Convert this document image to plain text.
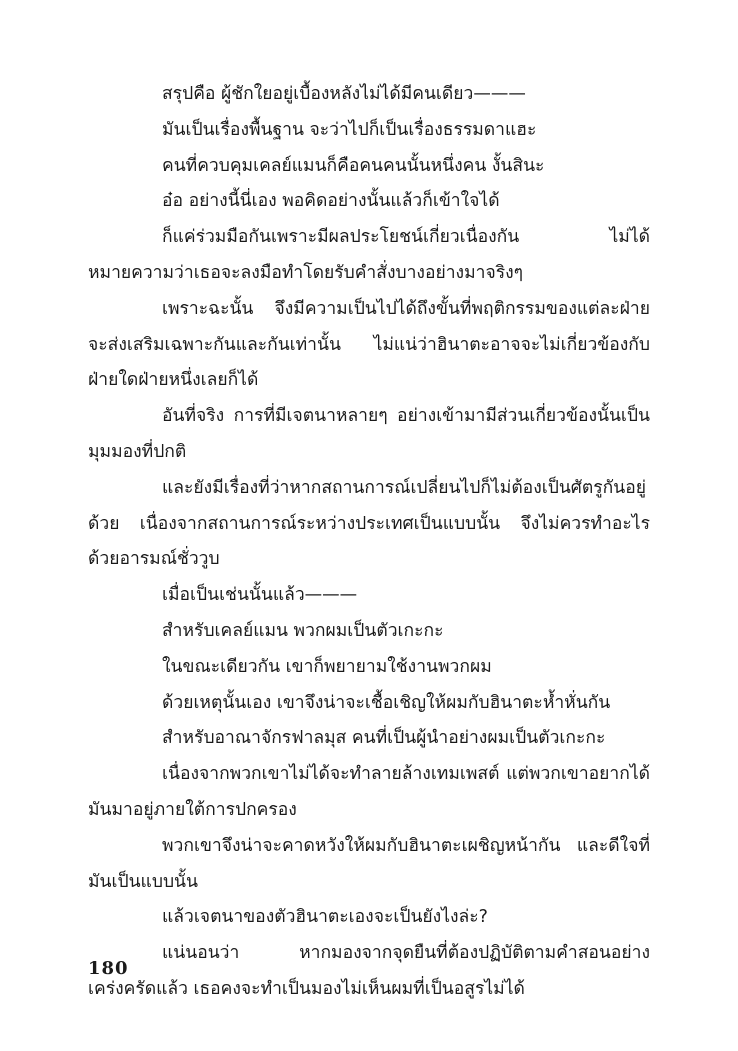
สรุปคือ ผู้ชักใยอยู่เบื้องหลังไม่ได้มีคนเดียว———

มันเป็นเรื่องพื้นฐาน จะว่าไปก็เป็นเรื่องธรรมดาแฮะ

คนที่ควบคุมเคลย์แมนก็คือคนคนนั้นหนึ่งคน งั้นสินะ

อ๋อ อย่างนี้นี่เอง พอคิดอย่างนั้นแล้วก็เข้าใจได้

ก็แค่ร่วมมือกันเพราะมีผลประโยชน์เกี่ยวเนื่องกัน ไม่ได้หมายความว่าเธอจะลงมือทำโดยรับคำสั่งบางอย่างมาจริงๆ

เพราะฉะนั้น จึงมีความเป็นไปได้ถึงขั้นที่พฤติกรรมของแต่ละฝ่ายจะส่งเสริมเฉพาะกันและกันเท่านั้น ไม่แน่ว่าฮินาตะอาจจะไม่เกี่ยวข้องกับฝ่ายใดฝ่ายหนึ่งเลยก็ได้

อันที่จริง การที่มีเจตนาหลายๆ อย่างเข้ามามีส่วนเกี่ยวข้องนั้นเป็นมุมมองที่ปกติ

และยังมีเรื่องที่ว่าหากสถานการณ์เปลี่ยนไปก็ไม่ต้องเป็นศัตรูกันอยู่ด้วย เนื่องจากสถานการณ์ระหว่างประเทศเป็นแบบนั้น จึงไม่ควรทำอะไรด้วยอารมณ์ชั่ววูบ

เมื่อเป็นเช่นนั้นแล้ว———

สำหรับเคลย์แมน พวกผมเป็นตัวเกะกะ

ในขณะเดียวกัน เขาก็พยายามใช้งานพวกผม

ด้วยเหตุนั้นเอง เขาจึงน่าจะเชื้อเชิญให้ผมกับฮินาตะห้ำหั่นกัน

สำหรับอาณาจักรฟาลมุส คนที่เป็นผู้นำอย่างผมเป็นตัวเกะกะ

เนื่องจากพวกเขาไม่ได้จะทำลายล้างเทมเพสต์ แต่พวกเขาอยากได้มันมาอยู่ภายใต้การปกครอง

พวกเขาจึงน่าจะคาดหวังให้ผมกับฮินาตะเผชิญหน้ากัน และดีใจที่มันเป็นแบบนั้น

แล้วเจตนาของตัวฮินาตะเองจะเป็นยังไงล่ะ?

แน่นอนว่า หากมองจากจุดยืนที่ต้องปฏิบัติตามคำสอนอย่างเคร่งครัดแล้ว เธอคงจะทำเป็นมองไม่เห็นผมที่เป็นอสูรไม่ได้

180
